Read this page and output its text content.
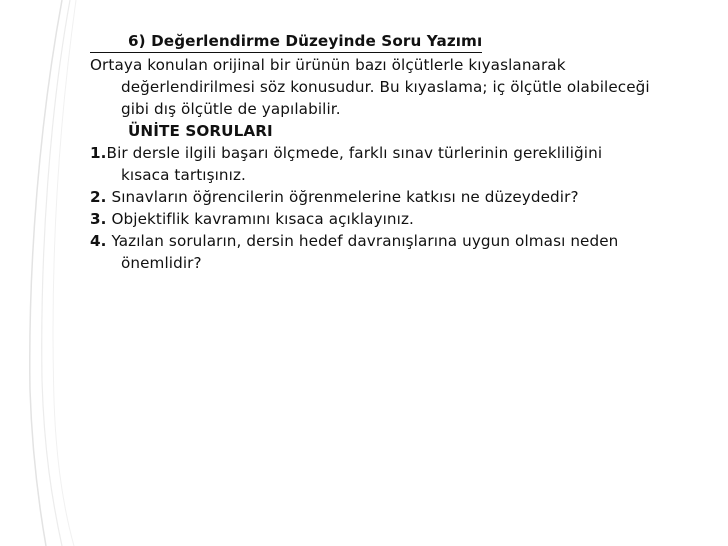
6) Değerlendirme Düzeyinde Soru Yazımı

Ortaya konulan orijinal bir ürünün bazı ölçütlerle kıyaslanarak

değerlendirilmesi söz konusudur. Bu kıyaslama; iç ölçütle olabileceği

gibi dış ölçütle de yapılabilir.

ÜNİTE SORULARI

1.Bir dersle ilgili başarı ölçmede, farklı sınav türlerinin gerekliliğini

kısaca tartışınız.

2. Sınavların öğrencilerin öğrenmelerine katkısı ne düzeydedir?

3. Objektiflik kavramını kısaca açıklayınız.

4. Yazılan soruların, dersin hedef davranışlarına uygun olması neden

önemlidir?
